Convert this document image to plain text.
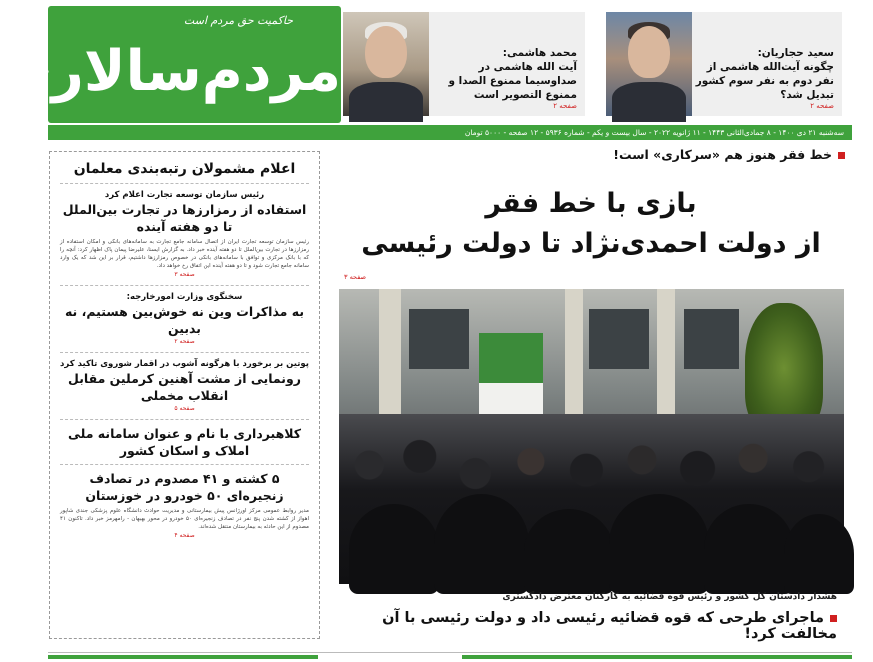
حاکمیت حق مردم است
مردم‌سالاری	سعید حجاریان:
چگونه آیت‌الله هاشمی از نفر دوم به نفر سوم کشور تبدیل شد؟
صفحه ۲
محمد هاشمی:
آیت الله هاشمی در صداوسیما ممنوع الصدا و ممنوع التصویر است
صفحه ۲
سه‌شنبه ۲۱ دی ۱۴۰۰ - ۸ جمادی‌الثانی ۱۴۴۳ - ۱۱ ژانویه ۲۰۲۲ - سال بیست و یکم - شماره ۵۹۳۶ - ۱۲ صفحه - ۵۰۰۰ تومان
اعلام مشمولان رتبه‌بندی معلمان
رئیس سازمان توسعه تجارت اعلام کرد
استفاده از رمزارزها در تجارت بین‌الملل تا دو هفته آینده
رئیس سازمان توسعه تجارت ایران از اتصال سامانه جامع تجارت به سامانه‌های بانکی و امکان استفاده از رمزارزها در تجارت بین‌الملل تا دو هفته آینده خبر داد. به گزارش ایسنا، علیرضا پیمان پاک اظهار کرد: آنچه را که با بانک مرکزی و توافق با سامانه‌های بانکی در خصوص رمزارزها داشتیم، قرار بر این شد که یک وارد سامانه جامع تجارت شود و تا دو هفته آینده این اتفاق رخ خواهد داد.
صفحه ۳
سخنگوی وزارت امورخارجه:
به مذاکرات وین نه خوش‌بین هستیم، نه بدبین
صفحه ۲
پوتین بر برخورد با هرگونه آشوب در اقمار شوروی تاکید کرد
رونمایی از مشت آهنین کرملین مقابل انقلاب مخملی
صفحه ۵
کلاهبرداری با نام و عنوان سامانه ملی املاک و اسکان کشور
۵ کشته و ۴۱ مصدوم در تصادف زنجیره‌ای ۵۰ خودرو در خوزستان
مدیر روابط عمومی مرکز اورژانس پیش بیمارستانی و مدیریت حوادث دانشگاه علوم پزشکی جندی شاپور اهواز از کشته شدن پنج نفر در تصادف زنجیره‌ای ۵۰ خودرو در محور بهبهان - رامهرمز خبر داد. تاکنون ۴۱ مصدوم از این حادثه به بیمارستان منتقل شده‌اند.
صفحه ۴
خط فقر هنوز هم «سرکاری» است!
بازی با خط فقر
از دولت احمدی‌نژاد تا دولت رئیسی
صفحه ۳
هشدار دادستان کل کشور و رئیس قوه قضائیه به کارکنان معترض دادگستری
ماجرای طرحی که قوه قضائیه رئیسی داد و دولت رئیسی با آن مخالفت کرد!
